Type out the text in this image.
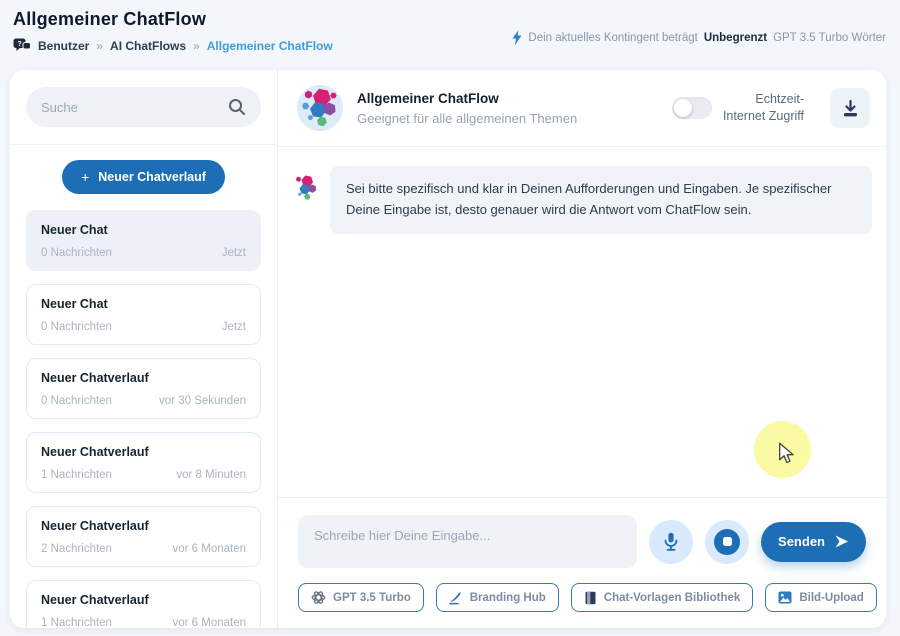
Allgemeiner ChatFlow
? Benutzer » AI ChatFlows » Allgemeiner ChatFlow
Dein aktuelles Kontingent beträgt Unbegrenzt GPT 3.5 Turbo Wörter
Suche
+ Neuer Chatverlauf
Neuer Chat
0 Nachrichten	Jetzt
Neuer Chat
0 Nachrichten	Jetzt
Neuer Chatverlauf
0 Nachrichten	vor 30 Sekunden
Neuer Chatverlauf
1 Nachrichten	vor 8 Minuten
Neuer Chatverlauf
2 Nachrichten	vor 6 Monaten
Neuer Chatverlauf
1 Nachrichten	vor 6 Monaten
Allgemeiner ChatFlow
Geeignet für alle allgemeinen Themen
Echtzeit-
Internet Zugriff
Sei bitte spezifisch und klar in Deinen Aufforderungen und Eingaben. Je spezifischer Deine Eingabe ist, desto genauer wird die Antwort vom ChatFlow sein.
Schreibe hier Deine Eingabe...
Senden
GPT 3.5 Turbo	Branding Hub	Chat-Vorlagen Bibliothek	Bild-Upload
